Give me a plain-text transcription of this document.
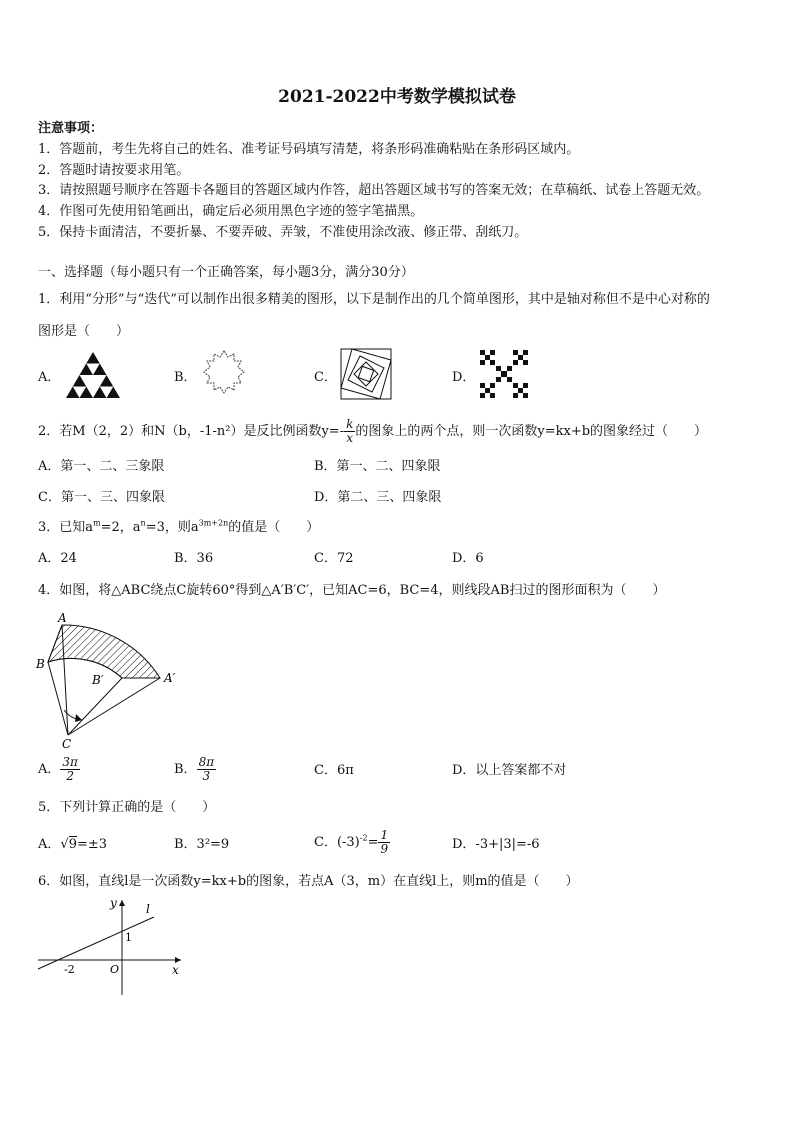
2021-2022中考数学模拟试卷
注意事项：
1．答题前，考生先将自己的姓名、准考证号码填写清楚，将条形码准确粘贴在条形码区域内。
2．答题时请按要求用笔。
3．请按照题号顺序在答题卡各题目的答题区域内作答，超出答题区域书写的答案无效；在草稿纸、试卷上答题无效。
4．作图可先使用铅笔画出，确定后必须用黑色字迹的签字笔描黑。
5．保持卡面清洁，不要折暴、不要弄破、弄皱，不准使用涂改液、修正带、刮纸刀。
一、选择题（每小题只有一个正确答案，每小题3分，满分30分）
1．利用“分形”与“迭代”可以制作出很多精美的图形，以下是制作出的几个简单图形，其中是轴对称但不是中心对称的
图形是（　　）
A．	B．	C．	D．
2．若M（2，2）和N（b，-1-n²）是反比例函数$y=- \frac{k}{x}$ 的图象上的两个点，则一次函数y=kx+b的图象经过（　　）
A．第一、二、三象限	B．第一、二、四象限
C．第一、三、四象限	D．第二、三、四象限
3．已知$a^m=2$，$a^n=3$，则$a^{3m+2n}$的值是（　　）
A．24	B．36	C．72	D．6
4．如图，将△ABC绕点C旋转60°得到△A′B′C′，已知AC=6，BC=4，则线段AB扫过的图形面积为（　　）
A
B
B′	A′
C
A． $\frac{3\pi}{2}$	B． $\frac{8\pi}{3}$	C．6π	D．以上答案都不对
5．下列计算正确的是（　　）
A．√9=±3	B．3²=9	C．$(-3)^{-2}= \frac{1}{9}$	D．-3+|3|=-6
6．如图，直线l是一次函数y=kx+b的图象，若点A（3，m）在直线l上，则m的值是（　　）
y
x
l
1
-2	O
